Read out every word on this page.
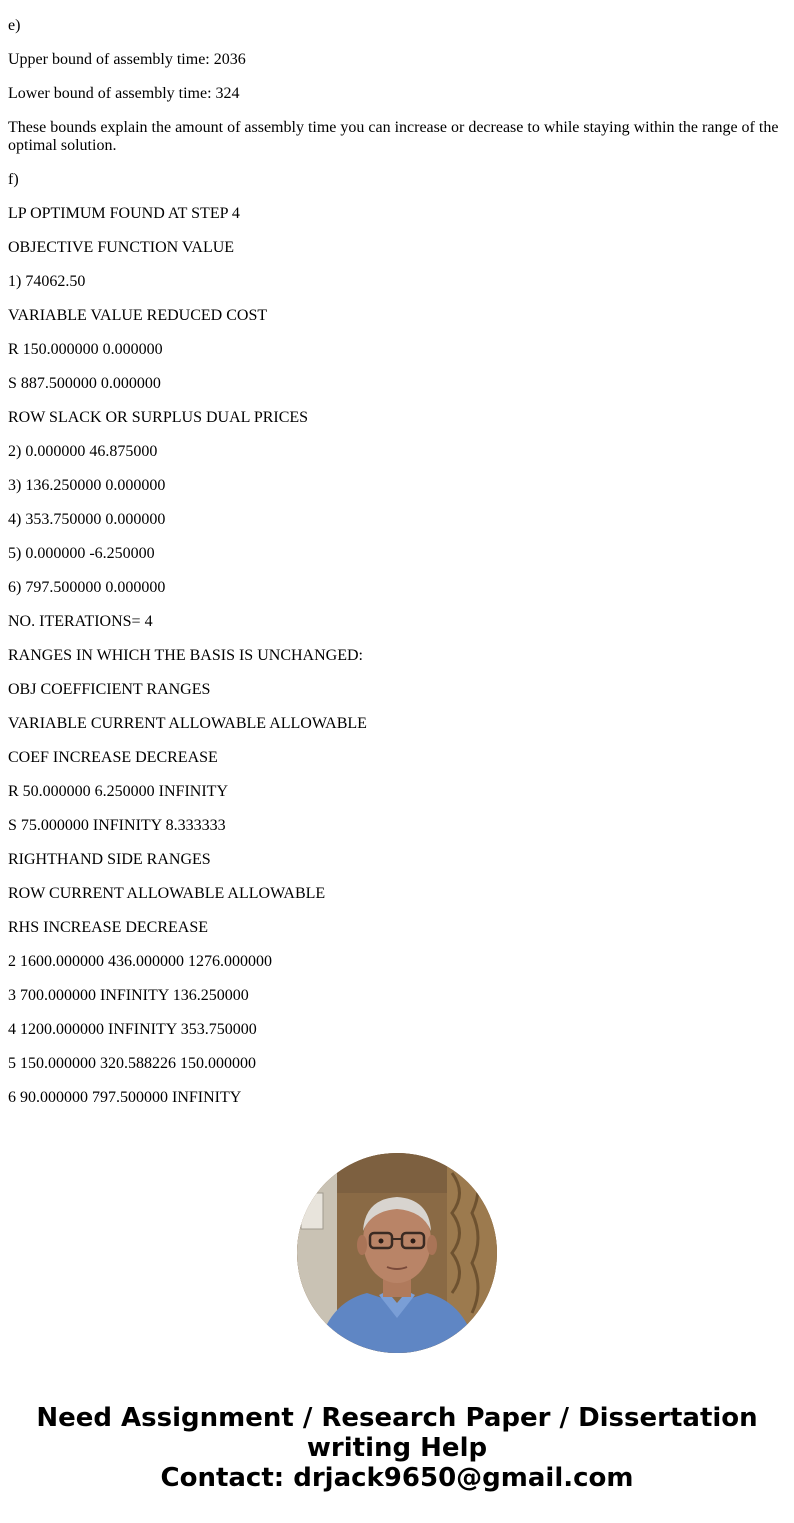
e)

Upper bound of assembly time: 2036

Lower bound of assembly time: 324

These bounds explain the amount of assembly time you can increase or decrease to while staying within the range of the optimal solution.

f)

LP OPTIMUM FOUND AT STEP 4

OBJECTIVE FUNCTION VALUE

1) 74062.50

VARIABLE VALUE REDUCED COST

R 150.000000 0.000000

S 887.500000 0.000000

ROW SLACK OR SURPLUS DUAL PRICES

2) 0.000000 46.875000

3) 136.250000 0.000000

4) 353.750000 0.000000

5) 0.000000 -6.250000

6) 797.500000 0.000000

NO. ITERATIONS= 4

RANGES IN WHICH THE BASIS IS UNCHANGED:

OBJ COEFFICIENT RANGES

VARIABLE CURRENT ALLOWABLE ALLOWABLE

COEF INCREASE DECREASE

R 50.000000 6.250000 INFINITY

S 75.000000 INFINITY 8.333333

RIGHTHAND SIDE RANGES

ROW CURRENT ALLOWABLE ALLOWABLE

RHS INCREASE DECREASE

2 1600.000000 436.000000 1276.000000

3 700.000000 INFINITY 136.250000

4 1200.000000 INFINITY 353.750000

5 150.000000 320.588226 150.000000

6 90.000000 797.500000 INFINITY

Need Assignment / Research Paper / Dissertation
writing Help
Contact: drjack9650@gmail.com
